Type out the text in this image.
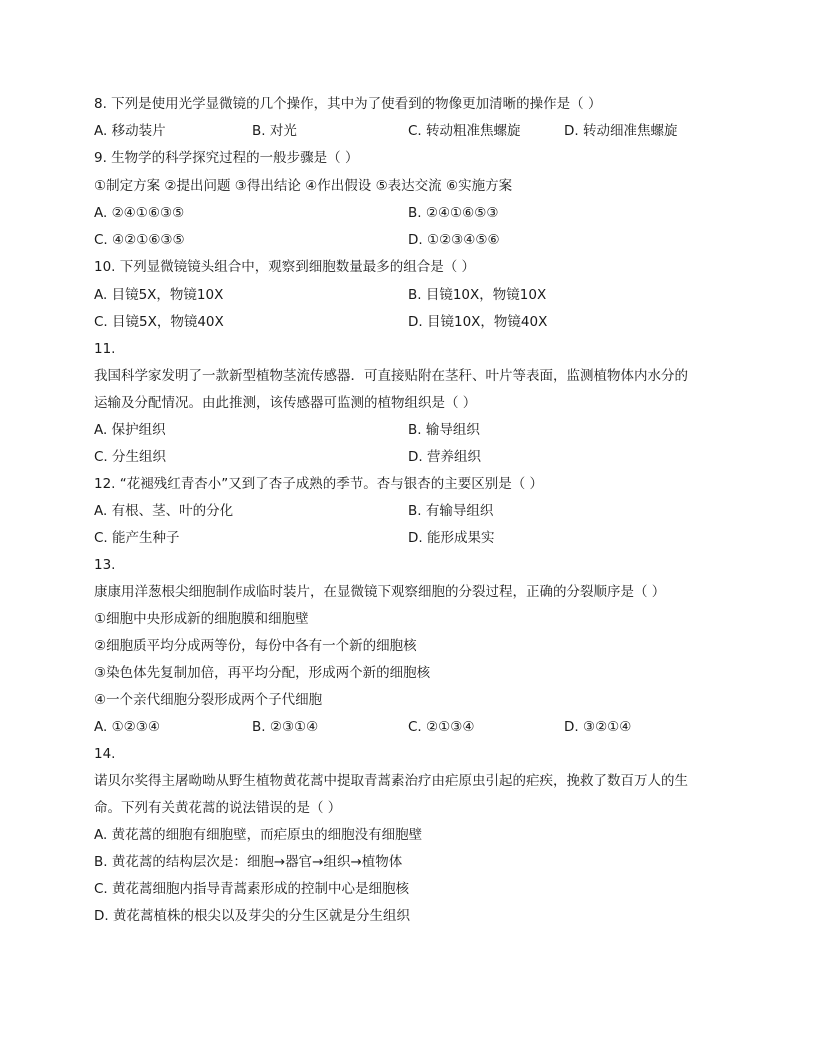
8. 下列是使用光学显微镜的几个操作，其中为了使看到的物像更加清晰的操作是（ ）
A. 移动装片	B. 对光	C. 转动粗准焦螺旋	D. 转动细准焦螺旋
9. 生物学的科学探究过程的一般步骤是（ ）
①制定方案 ②提出问题 ③得出结论 ④作出假设 ⑤表达交流 ⑥实施方案
A. ②④①⑥③⑤	B. ②④①⑥⑤③
C. ④②①⑥③⑤	D. ①②③④⑤⑥
10. 下列显微镜镜头组合中，观察到细胞数量最多的组合是（ ）
A. 目镜5X，物镜10X	B. 目镜10X，物镜10X
C. 目镜5X，物镜40X	D. 目镜10X，物镜40X
11.
我国科学家发明了一款新型植物茎流传感器．可直接贴附在茎秆、叶片等表面，监测植物体内水分的
运输及分配情况。由此推测，该传感器可监测的植物组织是（ ）
A. 保护组织	B. 输导组织
C. 分生组织	D. 营养组织
12. “花褪残红青杏小”又到了杏子成熟的季节。杏与银杏的主要区别是（ ）
A. 有根、茎、叶的分化	B. 有输导组织
C. 能产生种子	D. 能形成果实
13.
康康用洋葱根尖细胞制作成临时装片，在显微镜下观察细胞的分裂过程，正确的分裂顺序是（ ）
①细胞中央形成新的细胞膜和细胞壁
②细胞质平均分成两等份，每份中各有一个新的细胞核
③染色体先复制加倍，再平均分配，形成两个新的细胞核
④一个亲代细胞分裂形成两个子代细胞
A. ①②③④	B. ②③①④	C. ②①③④	D. ③②①④
14.
诺贝尔奖得主屠呦呦从野生植物黄花蒿中提取青蒿素治疗由疟原虫引起的疟疾，挽救了数百万人的生
命。下列有关黄花蒿的说法错误的是（ ）
A. 黄花蒿的细胞有细胞壁，而疟原虫的细胞没有细胞壁
B. 黄花蒿的结构层次是：细胞→器官→组织→植物体
C. 黄花蒿细胞内指导青蒿素形成的控制中心是细胞核
D. 黄花蒿植株的根尖以及芽尖的分生区就是分生组织
